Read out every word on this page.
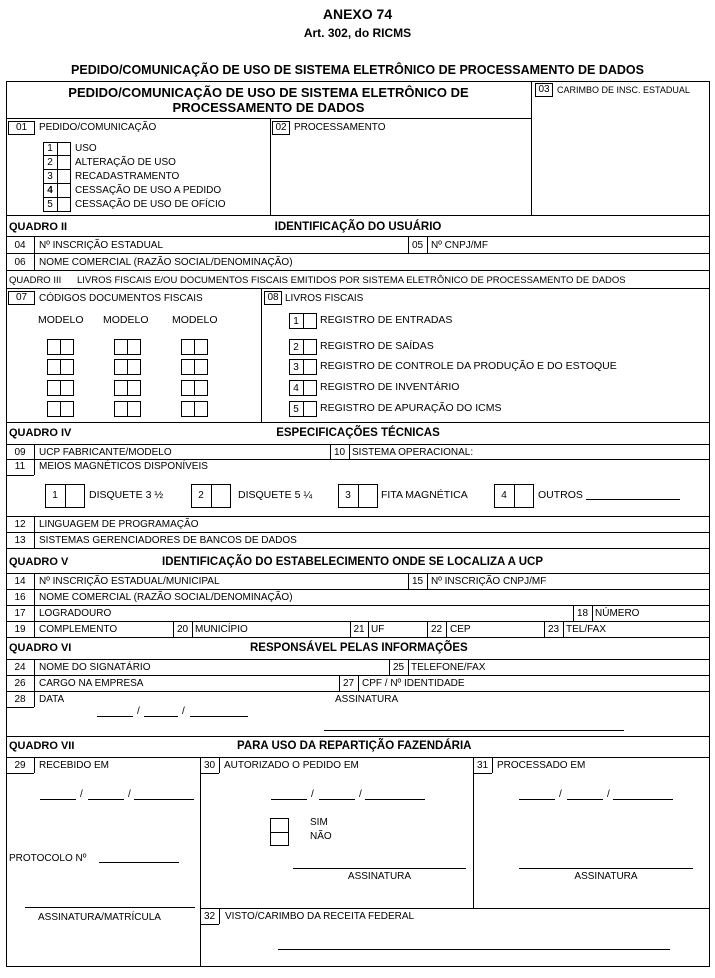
ANEXO 74
Art. 302, do RICMS
PEDIDO/COMUNICAÇÃO DE USO DE SISTEMA ELETRÔNICO DE PROCESSAMENTO DE DADOS
PEDIDO/COMUNICAÇÃO DE USO DE SISTEMA ELETRÔNICO DE
PROCESSAMENTO DE DADOS
03 CARIMBO DE INSC. ESTADUAL
01	PEDIDO/COMUNICAÇÃO	02 PROCESSAMENTO
1	USO
2	ALTERAÇÃO DE USO
3	RECADASTRAMENTO
4	CESSAÇÃO DE USO A PEDIDO
5	CESSAÇÃO DE USO DE OFÍCIO
QUADRO II	IDENTIFICAÇÃO DO USUÁRIO
04	Nº INSCRIÇÃO ESTADUAL	05 Nº CNPJ/MF
06	NOME COMERCIAL (RAZÃO SOCIAL/DENOMINAÇÃO)
QUADRO III LIVROS FISCAIS E/OU DOCUMENTOS FISCAIS EMITIDOS POR SISTEMA ELETRÔNICO DE PROCESSAMENTO DE DADOS
07	CÓDIGOS DOCUMENTOS FISCAIS
MODELO MODELO MODELO
08 LIVROS FISCAIS
1	REGISTRO DE ENTRADAS
2	REGISTRO DE SAÍDAS
3	REGISTRO DE CONTROLE DA PRODUÇÃO E DO ESTOQUE
4	REGISTRO DE INVENTÁRIO
5	REGISTRO DE APURAÇÃO DO ICMS
QUADRO IV	ESPECIFICAÇÕES TÉCNICAS
09	UCP FABRICANTE/MODELO	10 SISTEMA OPERACIONAL:
11	MEIOS MAGNÉTICOS DISPONÍVEIS
1	DISQUETE 3 ½	2	DISQUETE 5 ¼	3	FITA MAGNÉTICA	4	OUTROS
12	LINGUAGEM DE PROGRAMAÇÃO
13	SISTEMAS GERENCIADORES DE BANCOS DE DADOS
QUADRO V	IDENTIFICAÇÃO DO ESTABELECIMENTO ONDE SE LOCALIZA A UCP
14	Nº INSCRIÇÃO ESTADUAL/MUNICIPAL	15 Nº INSCRIÇÃO CNPJ/MF
16	NOME COMERCIAL (RAZÃO SOCIAL/DENOMINAÇÃO)
17	LOGRADOURO	18 NÚMERO
19	COMPLEMENTO	20 MUNICÍPIO	21 UF	22 CEP	23 TEL/FAX
QUADRO VI	RESPONSÁVEL PELAS INFORMAÇÕES
24	NOME DO SIGNATÁRIO	25 TELEFONE/FAX
26	CARGO NA EMPRESA	27 CPF / Nº IDENTIDADE
28	DATA	ASSINATURA
/	/
QUADRO VII	PARA USO DA REPARTIÇÃO FAZENDÁRIA
29	RECEBIDO EM	30 AUTORIZADO O PEDIDO EM	31 PROCESSADO EM
/	/
PROTOCOLO Nº
ASSINATURA/MATRÍCULA
/	/
SIM
NÃO
ASSINATURA
/	/
ASSINATURA
32 VISTO/CARIMBO DA RECEITA FEDERAL
